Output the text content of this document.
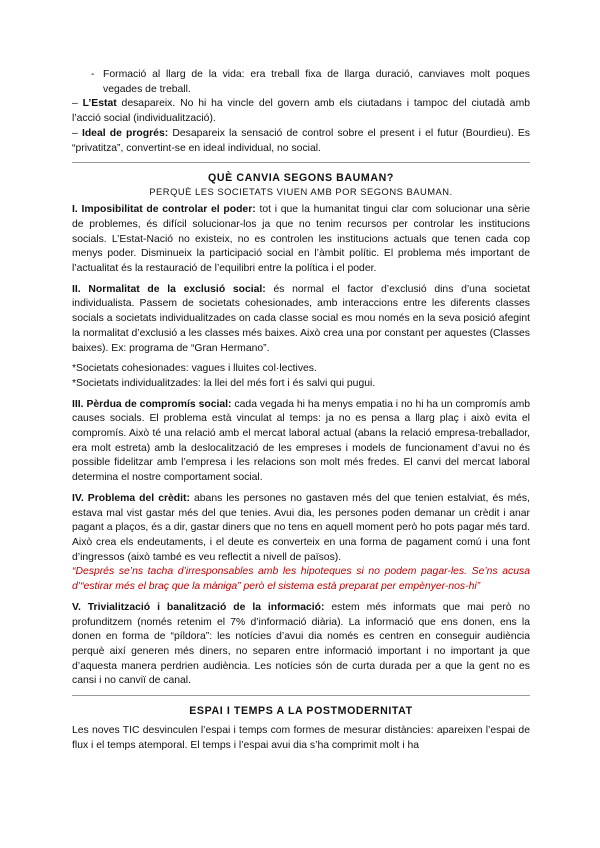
- Formació al llarg de la vida: era treball fixa de llarga duració, canviaves molt poques vegades de treball.

– L’Estat desapareix. No hi ha vincle del govern amb els ciutadans i tampoc del ciutadà amb l’acció social (individualització).

– Ideal de progrés: Desapareix la sensació de control sobre el present i el futur (Bourdieu). Es “privatitza”, convertint-se en ideal individual, no social.

QUÈ CANVIA SEGONS BAUMAN?
PERQUÈ LES SOCIETATS VIUEN AMB POR SEGONS BAUMAN.

I. Imposibilitat de controlar el poder: tot i que la humanitat tingui clar com solucionar una sèrie de problemes, és difícil solucionar-los ja que no tenim recursos per controlar les institucions socials. L’Estat-Nació no existeix, no es controlen les institucions actuals que tenen cada cop menys poder. Disminueix la participació social en l’àmbit polític. El problema més important de l’actualitat és la restauració de l’equilibri entre la política i el poder.

II. Normalitat de la exclusió social: és normal el factor d’exclusió dins d’una societat individualista. Passem de societats cohesionades, amb interaccions entre les diferents classes socials a societats individualitzades on cada classe social es mou només en la seva posició afegint la normalitat d’exclusió a les classes més baixes. Això crea una por constant per aquestes (Classes baixes). Ex: programa de “Gran Hermano”.

*Societats cohesionades: vagues i lluites col·lectives.

*Societats individualitzades: la llei del més fort i és salvi qui pugui.

III. Pèrdua de compromís social: cada vegada hi ha menys empatia i no hi ha un compromís amb causes socials. El problema està vinculat al temps: ja no es pensa a llarg plaç i això evita el compromís. Això té una relació amb el mercat laboral actual (abans la relació empresa-treballador, era molt estreta) amb la deslocalització de les empreses i models de funcionament d’avui no és possible fidelitzar amb l’empresa i les relacions son molt més fredes. El canvi del mercat laboral determina el nostre comportament social.

IV. Problema del crèdit: abans les persones no gastaven més del que tenien estalviat, és més, estava mal vist gastar més del que tenies. Avui dia, les persones poden demanar un crèdit i anar pagant a plaços, és a dir, gastar diners que no tens en aquell moment però ho pots pagar més tard. Això crea els endeutaments, i el deute es converteix en una forma de pagament comú i una font d’ingressos (això també es veu reflectit a nivell de països).

“Després se’ns tacha d’irresponsables amb les hipoteques si no podem pagar-les. Se’ns acusa d’“estirar més el braç que la màniga” però el sistema està preparat per empènyer-nos-hi”

V. Trivialització i banalització de la informació: estem més informats que mai però no profunditzem (només retenim el 7% d’informació diària). La informació que ens donen, ens la donen en forma de “píldora”: les notícies d’avui dia només es centren en conseguir audiència perquè així generen més diners, no separen entre informació important i no important ja que d’aquesta manera perdrien audiència. Les notícies són de curta durada per a que la gent no es cansi i no canviï de canal.

ESPAI I TEMPS A LA POSTMODERNITAT

Les noves TIC desvinculen l’espai i temps com formes de mesurar distàncies: apareixen l’espai de flux i el temps atemporal. El temps i l’espai avui dia s’ha comprimit molt i ha
